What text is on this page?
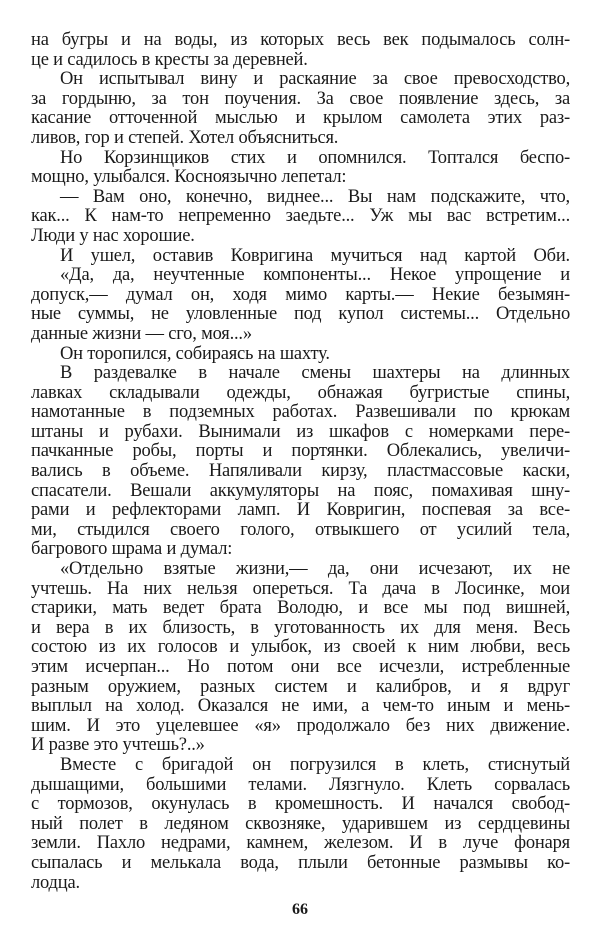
на бугры и на воды, из которых весь век подымалось солн-
це и садилось в кресты за деревней.
Он испытывал вину и раскаяние за свое превосходство,
за гордыню, за тон поучения. За свое появление здесь, за
касание отточенной мыслью и крылом самолета этих раз-
ливов, гор и степей. Хотел объясниться.
Но Корзинщиков стих и опомнился. Топтался беспо-
мощно, улыбался. Косноязычно лепетал:
— Вам оно, конечно, виднее... Вы нам подскажите, что,
как... К нам-то непременно заедьте... Уж мы вас встретим...
Люди у нас хорошие.
И ушел, оставив Ковригина мучиться над картой Оби.
«Да, да, неучтенные компоненты... Некое упрощение и
допуск,— думал он, ходя мимо карты.— Некие безымян-
ные суммы, не уловленные под купол системы... Отдельно
данные жизни — сго, моя...»
Он торопился, собираясь на шахту.
В раздевалке в начале смены шахтеры на длинных
лавках складывали одежды, обнажая бугристые спины,
намотанные в подземных работах. Развешивали по крюкам
штаны и рубахи. Вынимали из шкафов с номерками пере-
пачканные робы, порты и портянки. Облекались, увеличи-
вались в объеме. Напяливали кирзу, пластмассовые каски,
спасатели. Вешали аккумуляторы на пояс, помахивая шну-
рами и рефлекторами ламп. И Ковригин, поспевая за все-
ми, стыдился своего голого, отвыкшего от усилий тела,
багрового шрама и думал:
«Отдельно взятые жизни,— да, они исчезают, их не
учтешь. На них нельзя опереться. Та дача в Лосинке, мои
старики, мать ведет брата Володю, и все мы под вишней,
и вера в их близость, в уготованность их для меня. Весь
состою из их голосов и улыбок, из своей к ним любви, весь
этим исчерпан... Но потом они все исчезли, истребленные
разным оружием, разных систем и калибров, и я вдруг
выплыл на холод. Оказался не ими, а чем-то иным и мень-
шим. И это уцелевшее «я» продолжало без них движение.
И разве это учтешь?..»
Вместе с бригадой он погрузился в клеть, стиснутый
дышащими, большими телами. Лязгнуло. Клеть сорвалась
с тормозов, окунулась в кромешность. И начался свобод-
ный полет в ледяном сквозняке, ударившем из сердцевины
земли. Пахло недрами, камнем, железом. И в луче фонаря
сыпалась и мелькала вода, плыли бетонные размывы ко-
лодца.
66
